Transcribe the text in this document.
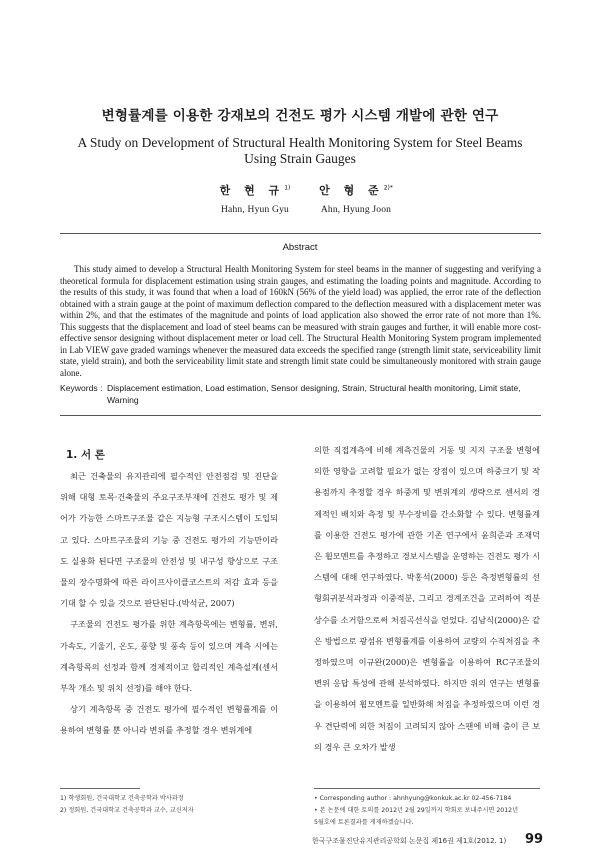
변형률계를 이용한 강재보의 건전도 평가 시스템 개발에 관한 연구
A Study on Development of Structural Health Monitoring System for Steel Beams Using Strain Gauges
한 현 규$^{1)}$
Hahn, Hyun Gyu
안 형 준$^{2)*}$
Ahn, Hyung Joon
Abstract
This study aimed to develop a Structural Health Monitoring System for steel beams in the manner of suggesting and verifying a theoretical formula for displacement estimation using strain gauges, and estimating the loading points and magnitude. According to the results of this study, it was found that when a load of 160kN (56% of the yield load) was applied, the error rate of the deflection obtained with a strain gauge at the point of maximum deflection compared to the deflection measured with a displacement meter was within 2%, and that the estimates of the magnitude and points of load application also showed the error rate of not more than 1%. This suggests that the displacement and load of steel beams can be measured with strain gauges and further, it will enable more cost-effective sensor designing without displacement meter or load cell. The Structural Health Monitoring System program implemented in Lab VIEW gave graded warnings whenever the measured data exceeds the specified range (strength limit state, serviceability limit state, yield strain), and both the serviceability limit state and strength limit state could be simultaneously monitored with strain gauge alone.
Keywords : Displacement estimation, Load estimation, Sensor designing, Strain, Structural health monitoring, Limit state, Warning
1. 서 론

최근 건축물의 유지관리에 필수적인 안전점검 및 진단을 위해 대형 토목·건축물의 주요구조부재에 건전도 평가 및 제어가 가능한 스마트구조물 같은 지능형 구조시스템이 도입되고 있다. 스마트구조물의 기능 중 건전도 평가의 기능만이라도 실용화 된다면 구조물의 안전성 및 내구성 향상으로 구조물의 장수명화에 따른 라이프사이클코스트의 저감 효과 등을 기대 할 수 있을 것으로 판단된다.(박석균, 2007)

구조물의 건전도 평가를 위한 계측항목에는 변형률, 변위, 가속도, 기울기, 온도, 풍향 및 풍속 등이 있으며 계측 시에는 계측항목의 선정과 함께 경제적이고 합리적인 계측설계(센서부착 개소 및 위치 선정)를 해야 한다.

상기 계측항목 중 건전도 평가에 필수적인 변형률계를 이용하여 변형률 뿐 아니라 변위를 추정할 경우 변위계에

의한 직접계측에 비해 계측건물의 거동 및 지지 구조물 변형에 의한 영향을 고려할 필요가 없는 장점이 있으며 하중크기 및 작용점까지 추정할 경우 하중계 및 변위계의 생략으로 센서의 경제적인 배치와 측정 및 부수장비를 간소화할 수 있다. 변형률계를 이용한 건전도 평가에 관한 기존 연구에서 윤희준과 조재덕은 휨모멘트를 추정하고 경보시스템을 운영하는 건전도 평가 시스템에 대해 연구하였다. 박홍석(2000) 등은 측정변형률의 선형회귀분석과정과 이중적분, 그리고 경계조건을 고려하여 적분상수를 소거함으로써 처짐곡선식을 얻었다. 김남식(2000)은 같은 방법으로 광섬유 변형률계를 이용하여 교량의 수직처짐을 추정하였으며 이규완(2000)은 변형률을 이용하여 RC구조물의 변위 응답 특성에 관해 분석하였다. 하지만 위의 연구는 변형률을 이용하여 휨모멘트를 일반화해 처짐을 추정하였으며 이런 경우 견단력에 의한 처짐이 고려되지 않아 스팬에 비해 춤이 큰 보의 경우 큰 오차가 발생

1) 학생회원, 건국대학교 건축공학과 박사과정
2) 정회원, 건국대학교 건축공학과 교수, 교신저자
• Corresponding author : ahnhyung@konkuk.ac.kr 02-456-7184
• 본 논문에 대한 토의를 2012년 2월 29일까지 학회로 보내주시면 2012년
5월호에 토론결과를 게재하겠습니다.
한국구조물진단유지관리공학회 논문집 제16권 제1호(2012. 1)	99
